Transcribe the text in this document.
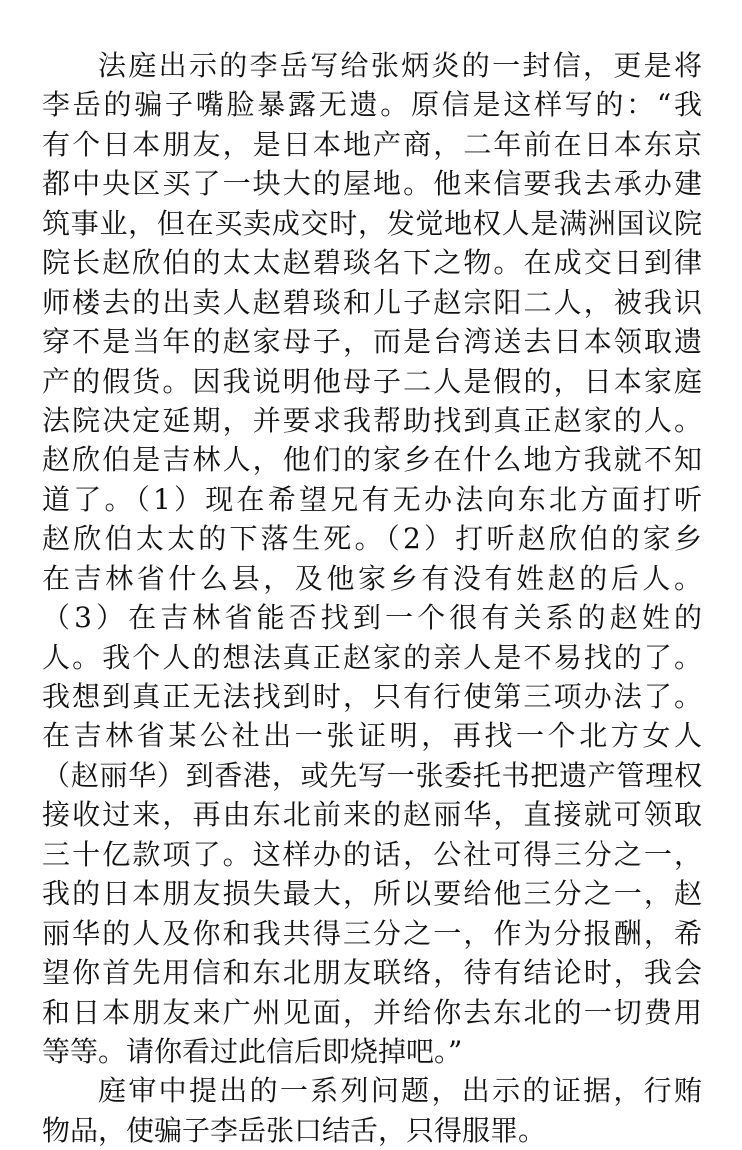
法庭出示的李岳写给张炳炎的一封信，更是将
李岳的骗子嘴脸暴露无遗。原信是这样写的：“我
有个日本朋友，是日本地产商，二年前在日本东京
都中央区买了一块大的屋地。他来信要我去承办建
筑事业，但在买卖成交时，发觉地权人是满洲国议院
院长赵欣伯的太太赵碧琰名下之物。在成交日到律
师楼去的出卖人赵碧琰和儿子赵宗阳二人，被我识
穿不是当年的赵家母子，而是台湾送去日本领取遗
产的假货。因我说明他母子二人是假的，日本家庭
法院决定延期，并要求我帮助找到真正赵家的人。
赵欣伯是吉林人，他们的家乡在什么地方我就不知
道了。（1）现在希望兄有无办法向东北方面打听
赵欣伯太太的下落生死。（2）打听赵欣伯的家乡
在吉林省什么县，及他家乡有没有姓赵的后人。
（3）在吉林省能否找到一个很有关系的赵姓的
人。我个人的想法真正赵家的亲人是不易找的了。
我想到真正无法找到时，只有行使第三项办法了。
在吉林省某公社出一张证明，再找一个北方女人
（赵丽华）到香港，或先写一张委托书把遗产管理权
接收过来，再由东北前来的赵丽华，直接就可领取
三十亿款项了。这样办的话，公社可得三分之一，
我的日本朋友损失最大，所以要给他三分之一，赵
丽华的人及你和我共得三分之一，作为分报酬，希
望你首先用信和东北朋友联络，待有结论时，我会
和日本朋友来广州见面，并给你去东北的一切费用
等等。请你看过此信后即烧掉吧。”
庭审中提出的一系列问题，出示的证据，行贿
物品，使骗子李岳张口结舌，只得服罪。
